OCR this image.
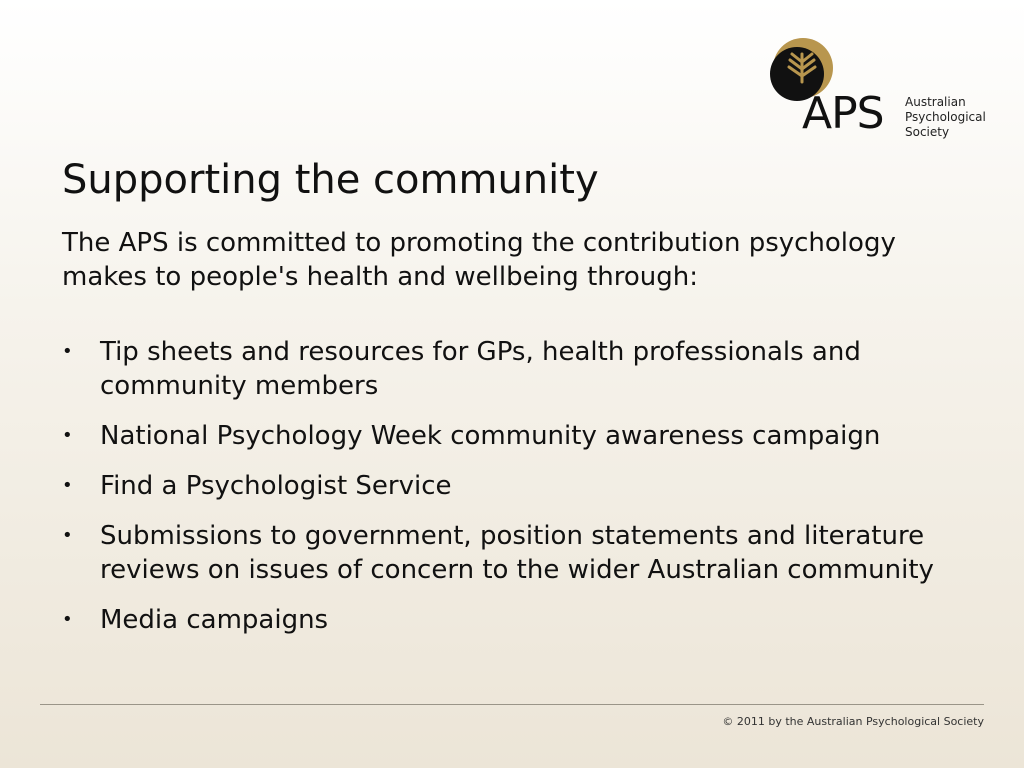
APS Australian
Psychological
Society
Supporting the community

The APS is committed to promoting the contribution psychology makes to people's health and wellbeing through:

• Tip sheets and resources for GPs, health professionals and community members
• National Psychology Week community awareness campaign
• Find a Psychologist Service
• Submissions to government, position statements and literature reviews on issues of concern to the wider Australian community
• Media campaigns

© 2011 by the Australian Psychological Society
